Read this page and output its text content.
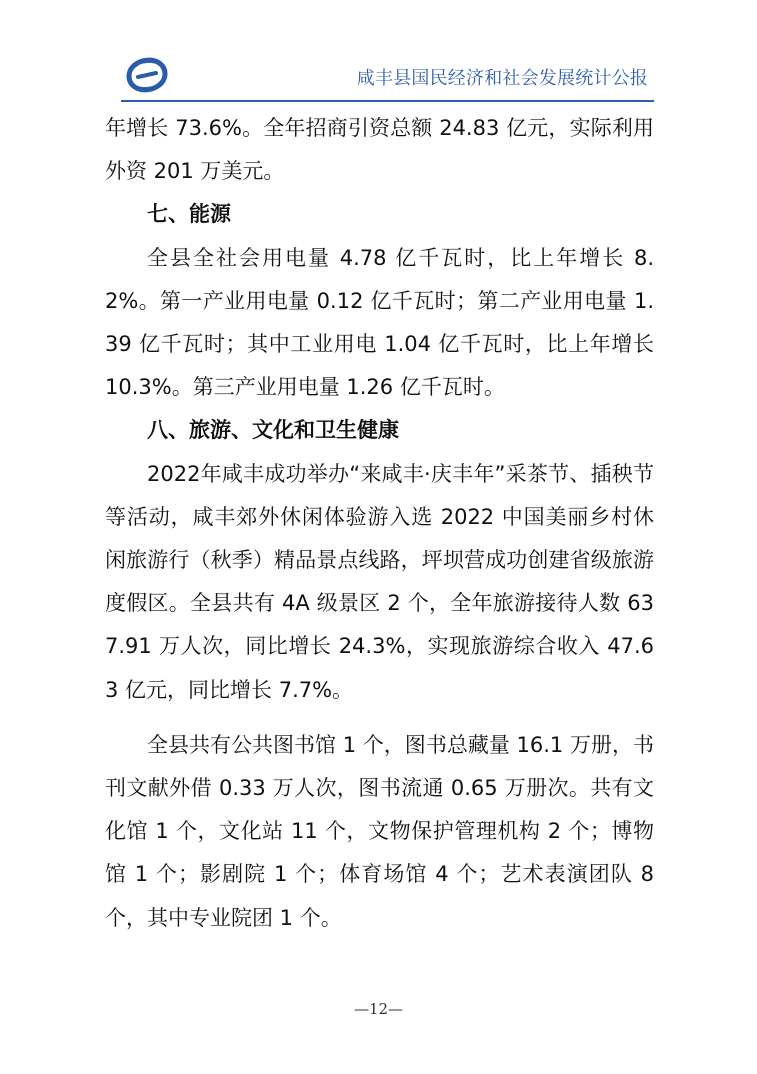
咸丰县国民经济和社会发展统计公报

年增长 73.6%。全年招商引资总额 24.83 亿元，实际利用外资 201 万美元。

七、能源

全县全社会用电量 4.78 亿千瓦时，比上年增长 8.2%。第一产业用电量 0.12 亿千瓦时；第二产业用电量 1.39 亿千瓦时；其中工业用电 1.04 亿千瓦时，比上年增长 10.3%。第三产业用电量 1.26 亿千瓦时。

八、旅游、文化和卫生健康

2022年咸丰成功举办“来咸丰·庆丰年”采茶节、插秧节等活动，咸丰郊外休闲体验游入选 2022 中国美丽乡村休闲旅游行（秋季）精品景点线路，坪坝营成功创建省级旅游度假区。全县共有 4A 级景区 2 个，全年旅游接待人数 637.91 万人次，同比增长 24.3%，实现旅游综合收入 47.63 亿元，同比增长 7.7%。

全县共有公共图书馆 1 个，图书总藏量 16.1 万册，书刊文献外借 0.33 万人次，图书流通 0.65 万册次。共有文化馆 1 个，文化站 11 个，文物保护管理机构 2 个；博物馆 1 个；影剧院 1 个；体育场馆 4 个；艺术表演团队 8 个，其中专业院团 1 个。

—12—
